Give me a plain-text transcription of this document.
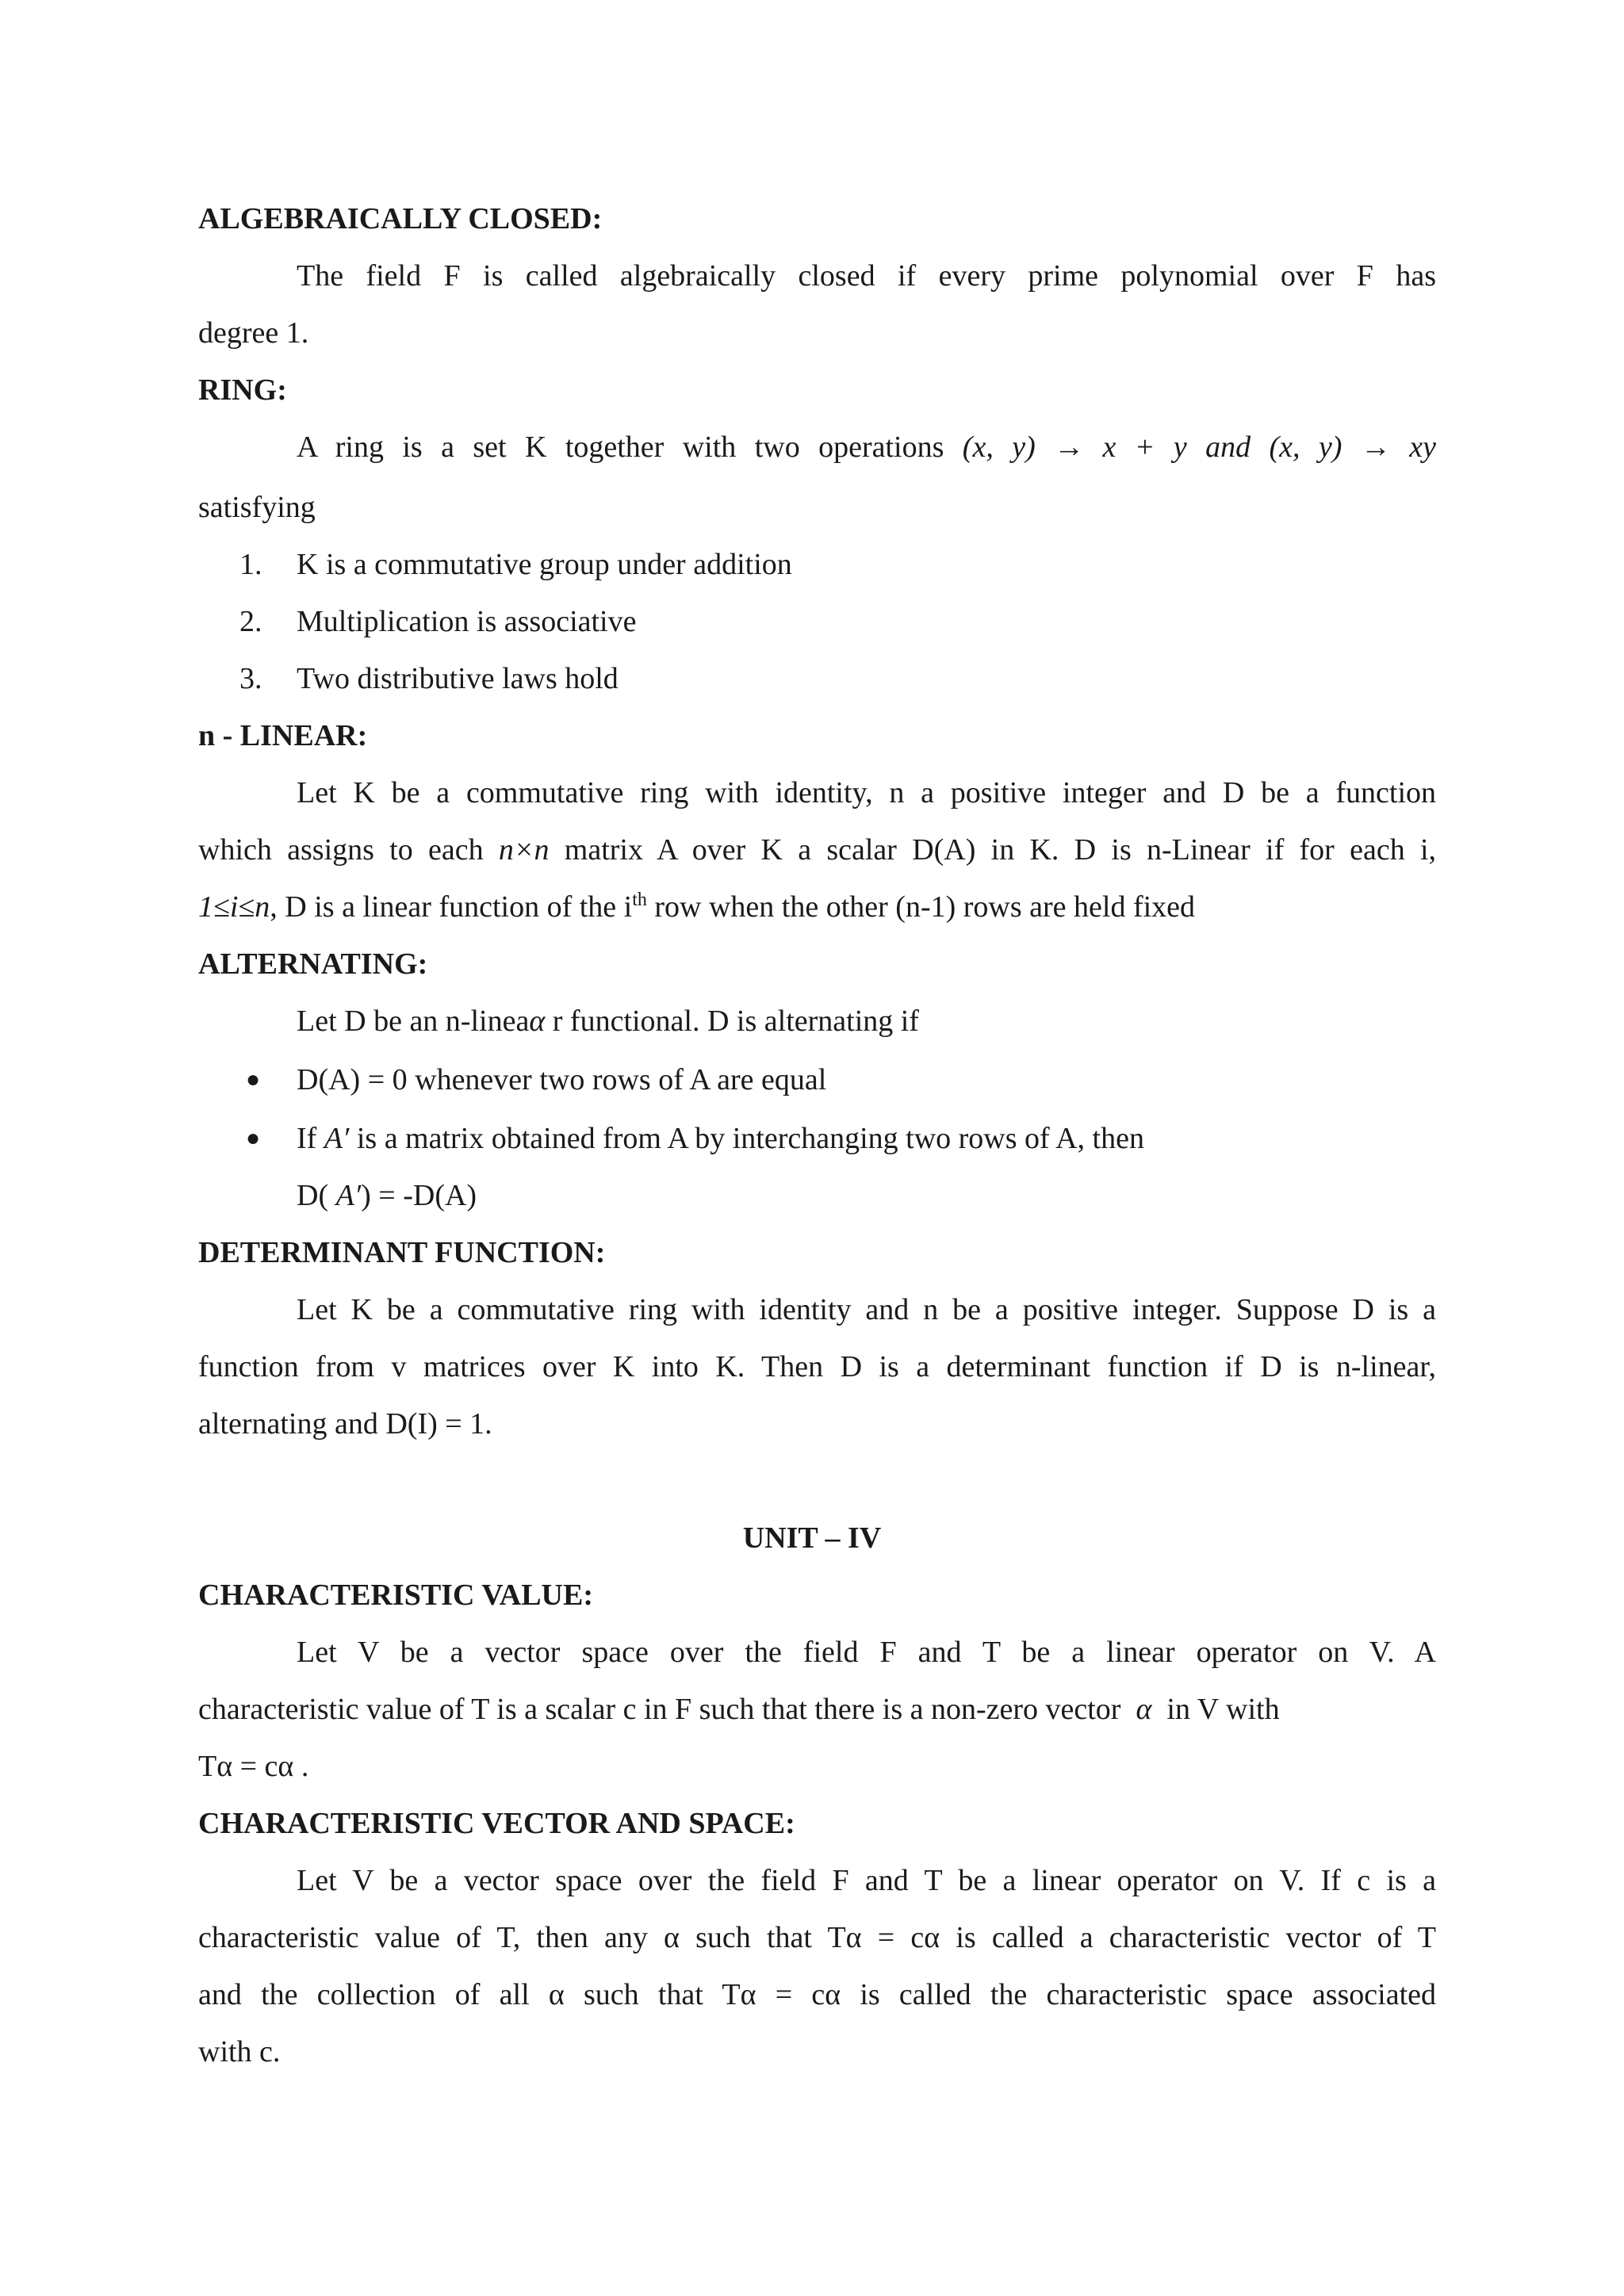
ALGEBRAICALLY CLOSED:
The field F is called algebraically closed if every prime polynomial over F has
degree 1.
RING:
A ring is a set K together with two operations (x, y) → x + y and (x, y) → xy
satisfying
1. K is a commutative group under addition
2. Multiplication is associative
3. Two distributive laws hold
n - LINEAR:
Let K be a commutative ring with identity, n a positive integer and D be a function
which assigns to each n×n matrix A over K a scalar D(A) in K. D is n-Linear if for each i,
1≤i≤n, D is a linear function of the $i^{th}$ row when the other (n-1) rows are held fixed
ALTERNATING:
Let D be an n-lineaα r functional. D is alternating if
● D(A) = 0 whenever two rows of A are equal
● If A′ is a matrix obtained from A by interchanging two rows of A, then
D( A′) = -D(A)
DETERMINANT FUNCTION:
Let K be a commutative ring with identity and n be a positive integer. Suppose D is a
function from v matrices over K into K. Then D is a determinant function if D is n-linear,
alternating and D(I) = 1.
UNIT – IV
CHARACTERISTIC VALUE:
Let V be a vector space over the field F and T be a linear operator on V. A
characteristic value of T is a scalar c in F such that there is a non-zero vector α in V with
Tα = cα .
CHARACTERISTIC VECTOR AND SPACE:
Let V be a vector space over the field F and T be a linear operator on V. If c is a
characteristic value of T, then any α such that Tα = cα is called a characteristic vector of T
and the collection of all α such that Tα = cα is called the characteristic space associated
with c.
